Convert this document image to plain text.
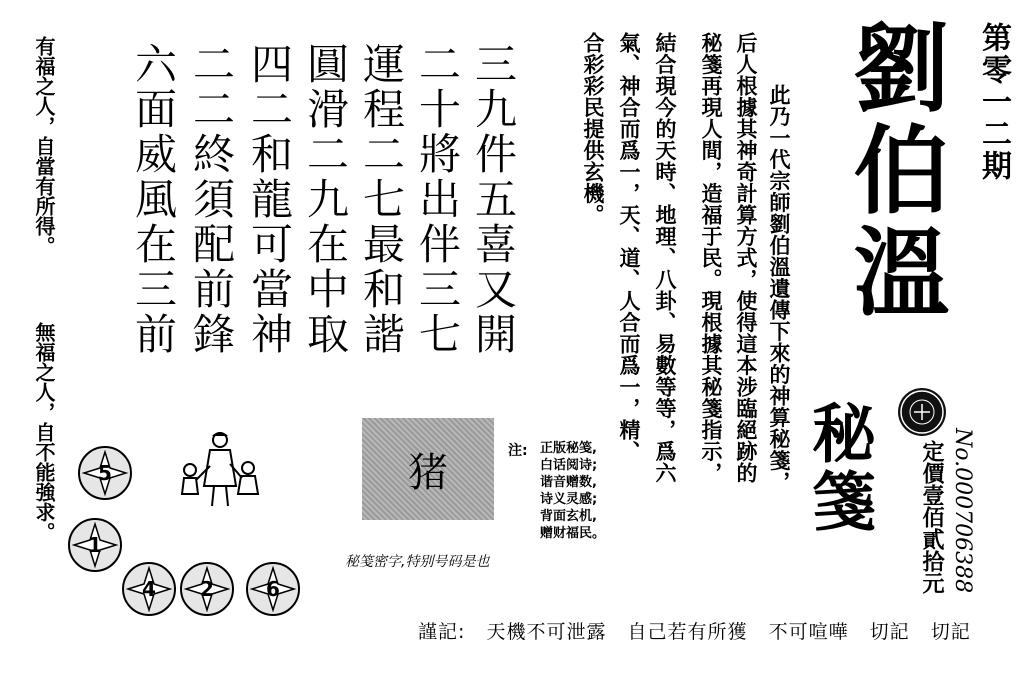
第零一二期
劉伯溫
定價壹佰貳拾元 No.000706388
秘箋
此乃一代宗師劉伯溫遺傳下來的神算秘箋，
后人根據其神奇計算方式，使得這本涉臨絕跡的
秘箋再現人間，造福于民。現根據其秘箋指示，
結合現今的天時、地理、八卦、易數等等，爲六
氣、神合而爲一，天、道、人合而爲一，精、
合彩彩民提供玄機。
三九件五喜又開
二十將出伴三七
運程二七最和諧
圓滑二九在中取
四二和龍可當神
二二終須配前鋒
六面威風在三前
有福之人，自當有所得。
無福之人，自不能強求。	猪	注: 正版秘笺,
白话阅诗;
谐音赠数,
诗义灵感;
背面玄机,
赠财福民。
秘笺密字,特别号码是也
5
1
4	2	6
謹記: 天機不可泄露 自己若有所獲 不可喧嘩 切記 切記
